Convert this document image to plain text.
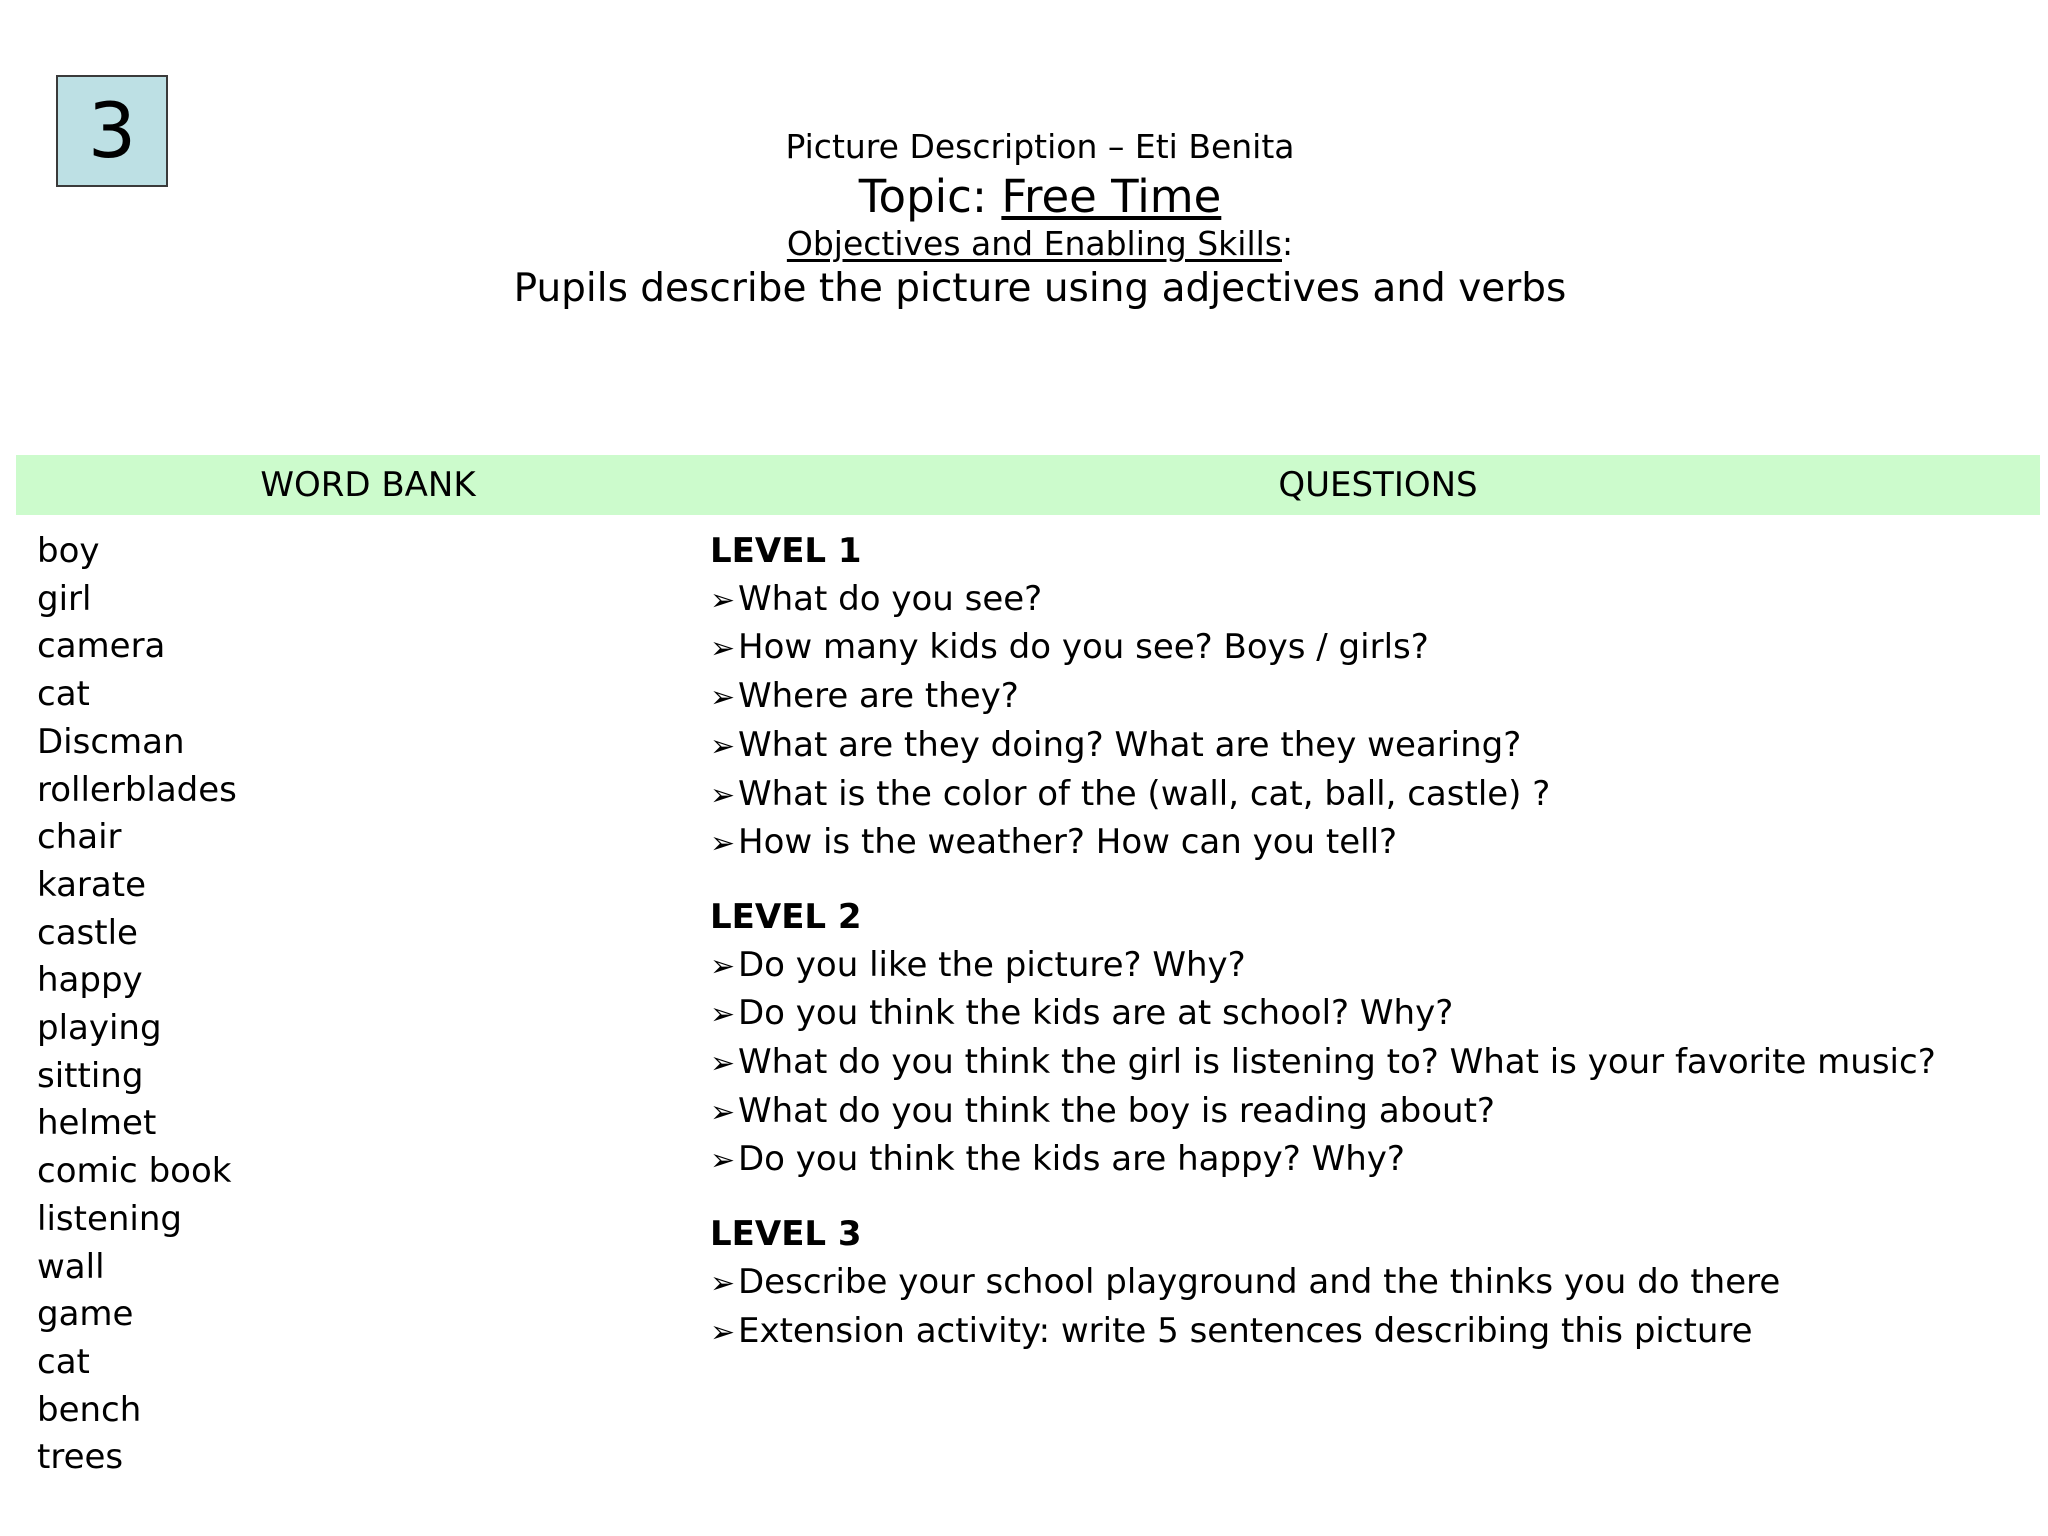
3	Picture Description – Eti Benita
Topic: Free Time
Objectives and Enabling Skills:
Pupils describe the picture using adjectives and verbs
WORD BANK	QUESTIONS
boy
girl
camera
cat
Discman
rollerblades
chair
karate
castle
happy
playing
sitting
helmet
comic book
listening
wall
game
cat
bench
trees
LEVEL 1
➢ What do you see?
➢ How many kids do you see? Boys / girls?
➢ Where are they?
➢ What are they doing? What are they wearing?
➢ What is the color of the (wall, cat, ball, castle) ?
➢ How is the weather? How can you tell?
LEVEL 2
➢ Do you like the picture? Why?
➢ Do you think the kids are at school? Why?
➢ What do you think the girl is listening to? What is your favorite music?
➢ What do you think the boy is reading about?
➢ Do you think the kids are happy? Why?
LEVEL 3
➢ Describe your school playground and the thinks you do there
➢ Extension activity: write 5 sentences describing this picture
